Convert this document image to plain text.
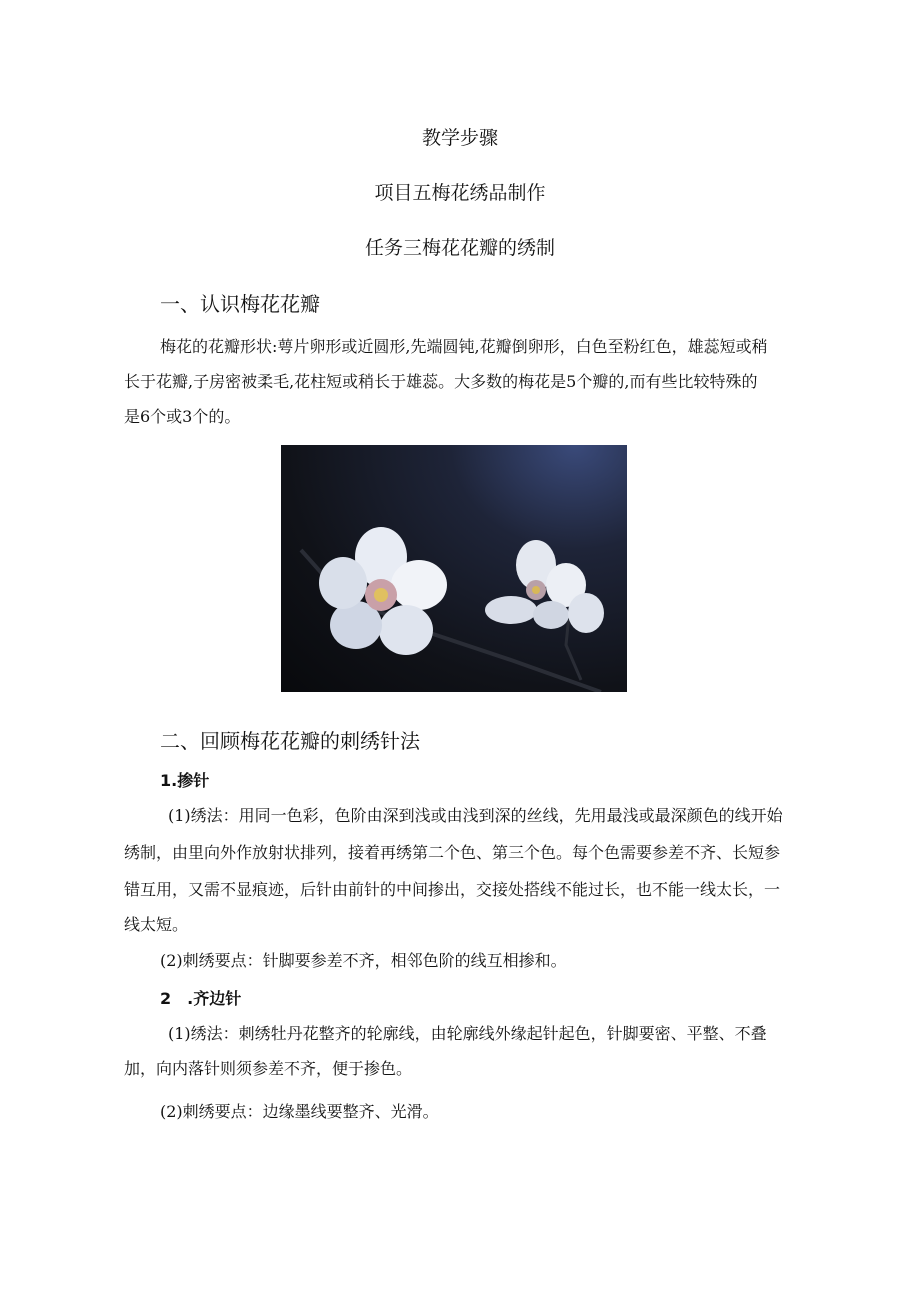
教学步骤
项目五梅花绣品制作
任务三梅花花瓣的绣制
一、认识梅花花瓣
梅花的花瓣形状:萼片卵形或近圆形,先端圆钝,花瓣倒卵形，白色至粉红色，雄蕊短或稍
长于花瓣,子房密被柔毛,花柱短或稍长于雄蕊。大多数的梅花是5个瓣的,而有些比较特殊的
是6个或3个的。
二、回顾梅花花瓣的刺绣针法
1.掺针
(1)绣法：用同一色彩，色阶由深到浅或由浅到深的丝线，先用最浅或最深颜色的线开始
绣制，由里向外作放射状排列，接着再绣第二个色、第三个色。每个色需要参差不齐、长短参
错互用，又需不显痕迹，后针由前针的中间掺出，交接处搭线不能过长，也不能一线太长，一
线太短。
(2)刺绣要点：针脚要参差不齐，相邻色阶的线互相掺和。
2 .齐边针
(1)绣法：刺绣牡丹花整齐的轮廓线，由轮廓线外缘起针起色，针脚要密、平整、不叠
加，向内落针则须参差不齐，便于掺色。
(2)刺绣要点：边缘墨线要整齐、光滑。
